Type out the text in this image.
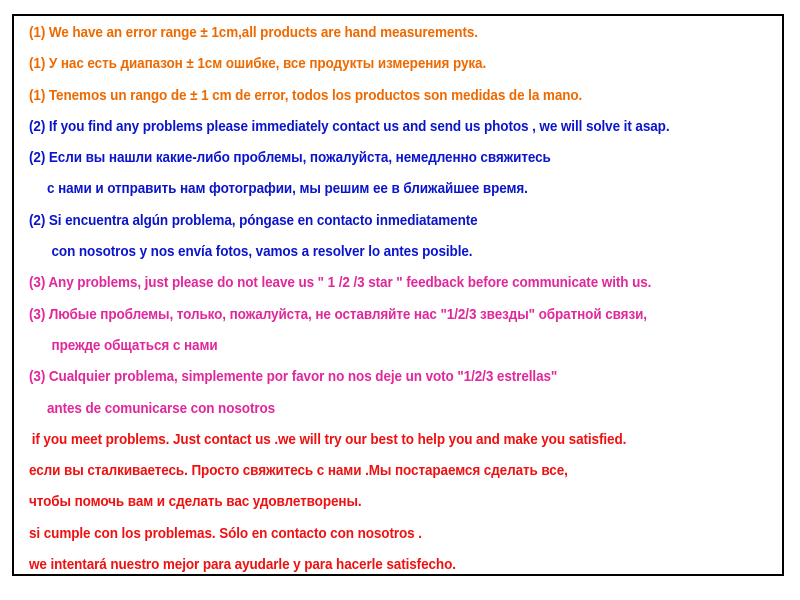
(1) We have an error range ± 1cm,all products are hand measurements.
(1) У нас есть диапазон ± 1см ошибке, все продукты измерения рука.
(1) Tenemos un rango de ± 1 cm de error, todos los productos son medidas de la mano.
(2) If you find any problems please immediately contact us and send us photos , we will solve it asap.
(2) Если вы нашли какие-либо проблемы, пожалуйста, немедленно свяжитесь
с нами и отправить нам фотографии, мы решим ее в ближайшее время.
(2) Si encuentra algún problema, póngase en contacto inmediatamente
con nosotros y nos envía fotos, vamos a resolver lo antes posible.
(3) Any problems, just please do not leave us " 1 /2 /3 star " feedback before communicate with us.
(3) Любые проблемы, только, пожалуйста, не оставляйте нас "1/2/3 звезды" обратной связи,
прежде общаться с нами
(3) Cualquier problema, simplemente por favor no nos deje un voto "1/2/3 estrellas"
antes de comunicarse con nosotros
if you meet problems. Just contact us .we will try our best to help you and make you satisfied.
если вы сталкиваетесь. Просто свяжитесь с нами .Мы постараемся сделать все,
чтобы помочь вам и сделать вас удовлетворены.
si cumple con los problemas. Sólo en contacto con nosotros .
we intentará nuestro mejor para ayudarle y para hacerle satisfecho.
